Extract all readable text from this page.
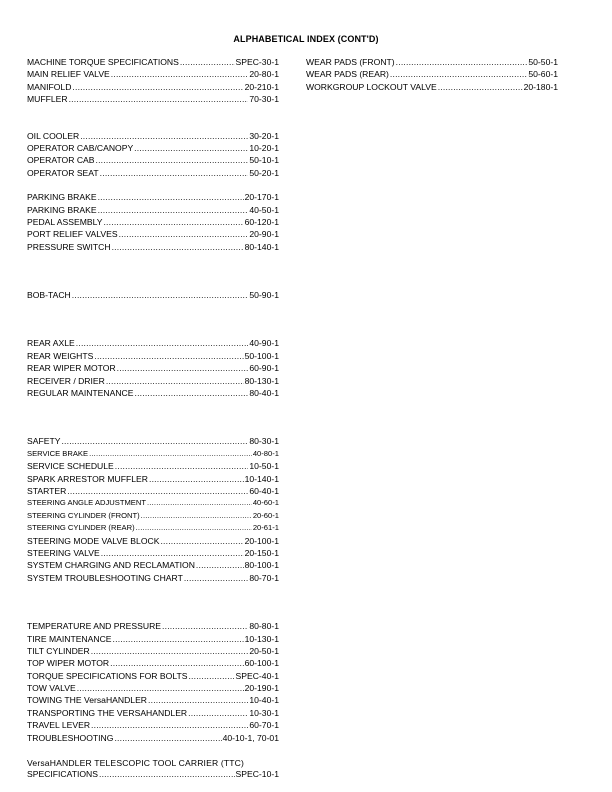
ALPHABETICAL INDEX (CONT'D)
MACHINE TORQUE SPECIFICATIONS .....	SPEC-30-1
MAIN RELIEF VALVE .....	20-80-1
MANIFOLD .....	20-210-1
MUFFLER .....	70-30-1
OIL COOLER .....	30-20-1
OPERATOR CAB/CANOPY .....	10-20-1
OPERATOR CAB .....	50-10-1
OPERATOR SEAT .....	50-20-1
PARKING BRAKE .....	20-170-1
PARKING BRAKE .....	40-50-1
PEDAL ASSEMBLY .....	60-120-1
PORT RELIEF VALVES .....	20-90-1
PRESSURE SWITCH .....	80-140-1
BOB-TACH .....	50-90-1
REAR AXLE .....	40-90-1
REAR WEIGHTS .....	50-100-1
REAR WIPER MOTOR .....	60-90-1
RECEIVER / DRIER .....	80-130-1
REGULAR MAINTENANCE .....	80-40-1
SAFETY .....	80-30-1
SERVICE BRAKE .....	40-80-1
SERVICE SCHEDULE .....	10-50-1
SPARK ARRESTOR MUFFLER .....	10-140-1
STARTER .....	60-40-1
STEERING ANGLE ADJUSTMENT .....	40-60-1
STEERING CYLINDER (FRONT) .....	20-60-1
STEERING CYLINDER (REAR) .....	20-61-1
STEERING MODE VALVE BLOCK .....	20-100-1
STEERING VALVE .....	20-150-1
SYSTEM CHARGING AND RECLAMATION .....	80-100-1
SYSTEM TROUBLESHOOTING CHART .....	80-70-1
TEMPERATURE AND PRESSURE .....	80-80-1
TIRE MAINTENANCE .....	10-130-1
TILT CYLINDER .....	20-50-1
TOP WIPER MOTOR .....	60-100-1
TORQUE SPECIFICATIONS FOR BOLTS .....	SPEC-40-1
TOW VALVE .....	20-190-1
TOWING THE VersaHANDLER .....	10-40-1
TRANSPORTING THE VERSAHANDLER .....	10-30-1
TRAVEL LEVER .....	60-70-1
TROUBLESHOOTING .....	40-10-1, 70-01
VersaHANDLER TELESCOPIC TOOL CARRIER (TTC)
SPECIFICATIONS .....	SPEC-10-1
WEAR PADS (FRONT) .....	50-50-1
WEAR PADS (REAR) .....	50-60-1
WORKGROUP LOCKOUT VALVE .....	20-180-1
